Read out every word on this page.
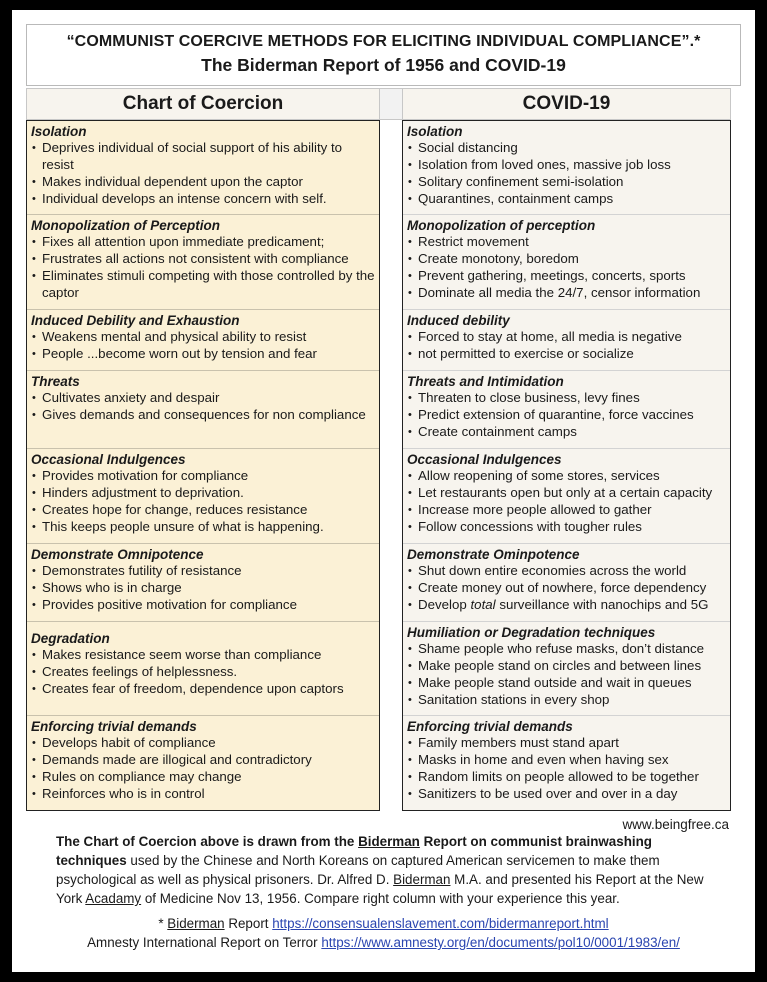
“COMMUNIST COERCIVE METHODS FOR ELICITING INDIVIDUAL COMPLIANCE”.*
The Biderman Report of 1956 and COVID-19
Chart of Coercion	COVID-19
Isolation
• Deprives individual of social support of his ability to resist
• Makes individual dependent upon the captor
• Individual develops an intense concern with self.
Monopolization of Perception
• Fixes all attention upon immediate predicament;
• Frustrates all actions not consistent with compliance
• Eliminates stimuli competing with those controlled by the captor
Induced Debility and Exhaustion
• Weakens mental and physical ability to resist
• People ...become worn out by tension and fear
Threats
• Cultivates anxiety and despair
• Gives demands and consequences for non compliance
Occasional Indulgences
• Provides motivation for compliance
• Hinders adjustment to deprivation.
• Creates hope for change, reduces resistance
• This keeps people unsure of what is happening.
Demonstrate Omnipotence
• Demonstrates futility of resistance
• Shows who is in charge
• Provides positive motivation for compliance
Degradation
• Makes resistance seem worse than compliance
• Creates feelings of helplessness.
• Creates fear of freedom, dependence upon captors
Enforcing trivial demands
• Develops habit of compliance
• Demands made are illogical and contradictory
• Rules on compliance may change
• Reinforces who is in control
Isolation
• Social distancing
• Isolation from loved ones, massive job loss
• Solitary confinement semi-isolation
• Quarantines, containment camps
Monopolization of perception
• Restrict movement
• Create monotony, boredom
• Prevent gathering, meetings, concerts, sports
• Dominate all media the 24/7, censor information
Induced debility
• Forced to stay at home, all media is negative
• not permitted to exercise or socialize
Threats and Intimidation
• Threaten to close business, levy fines
• Predict extension of quarantine, force vaccines
• Create containment camps
Occasional Indulgences
• Allow reopening of some stores, services
• Let restaurants open but only at a certain capacity
• Increase more people allowed to gather
• Follow concessions with tougher rules
Demonstrate Ominpotence
• Shut down entire economies across the world
• Create money out of nowhere, force dependency
• Develop total surveillance with nanochips and 5G
Humiliation or Degradation techniques
• Shame people who refuse masks, don’t distance
• Make people stand on circles and between lines
• Make people stand outside and wait in queues
• Sanitation stations in every shop
Enforcing trivial demands
• Family members must stand apart
• Masks in home and even when having sex
• Random limits on people allowed to be together
• Sanitizers to be used over and over in a day
www.beingfree.ca

The Chart of Coercion above is drawn from the Biderman Report on communist brainwashing techniques used by the Chinese and North Koreans on captured American servicemen to make them psychological as well as physical prisoners. Dr. Alfred D. Biderman M.A. and presented his Report at the New York Acadamy of Medicine Nov 13, 1956. Compare right column with your experience this year.

* Biderman Report https://consensualenslavement.com/bidermanreport.html
Amnesty International Report on Terror https://www.amnesty.org/en/documents/pol10/0001/1983/en/
